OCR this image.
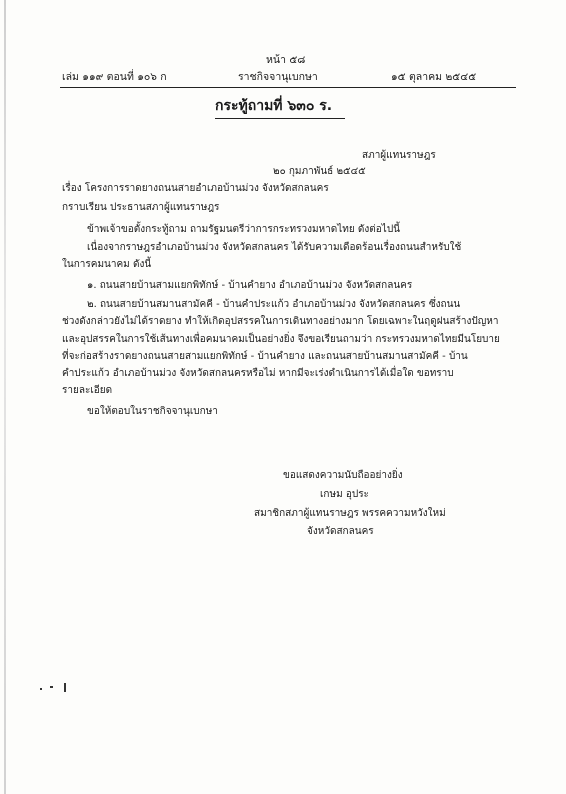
หน้า ๕๘
เล่ม ๑๑๙ ตอนที่ ๑๐๖ ก	ราชกิจจานุเบกษา	๑๕ ตุลาคม ๒๕๔๕
กระทู้ถามที่ ๖๓๐ ร.
สภาผู้แทนราษฎร
๒๐ กุมภาพันธ์ ๒๕๔๕
เรื่อง โครงการราดยางถนนสายอำเภอบ้านม่วง จังหวัดสกลนคร
กราบเรียน ประธานสภาผู้แทนราษฎร
ข้าพเจ้าขอตั้งกระทู้ถาม ถามรัฐมนตรีว่าการกระทรวงมหาดไทย ดังต่อไปนี้
เนื่องจากราษฎรอำเภอบ้านม่วง จังหวัดสกลนคร ได้รับความเดือดร้อนเรื่องถนนสำหรับใช้
ในการคมนาคม ดังนี้
๑. ถนนสายบ้านสามแยกพิทักษ์ - บ้านคำยาง อำเภอบ้านม่วง จังหวัดสกลนคร
๒. ถนนสายบ้านสมานสามัคคี - บ้านคำประแก้ว อำเภอบ้านม่วง จังหวัดสกลนคร ซึ่งถนน
ช่วงดังกล่าวยังไม่ได้ราดยาง ทำให้เกิดอุปสรรคในการเดินทางอย่างมาก โดยเฉพาะในฤดูฝนสร้างปัญหา
และอุปสรรคในการใช้เส้นทางเพื่อคมนาคมเป็นอย่างยิ่ง จึงขอเรียนถามว่า กระทรวงมหาดไทยมีนโยบาย
ที่จะก่อสร้างราดยางถนนสายสามแยกพิทักษ์ - บ้านคำยาง และถนนสายบ้านสมานสามัคคี - บ้าน
คำประแก้ว อำเภอบ้านม่วง จังหวัดสกลนครหรือไม่ หากมีจะเร่งดำเนินการได้เมื่อใด ขอทราบ
รายละเอียด
ขอให้ตอบในราชกิจจานุเบกษา
ขอแสดงความนับถืออย่างยิ่ง
เกษม อุประ
สมาชิกสภาผู้แทนราษฎร พรรคความหวังใหม่
จังหวัดสกลนคร
